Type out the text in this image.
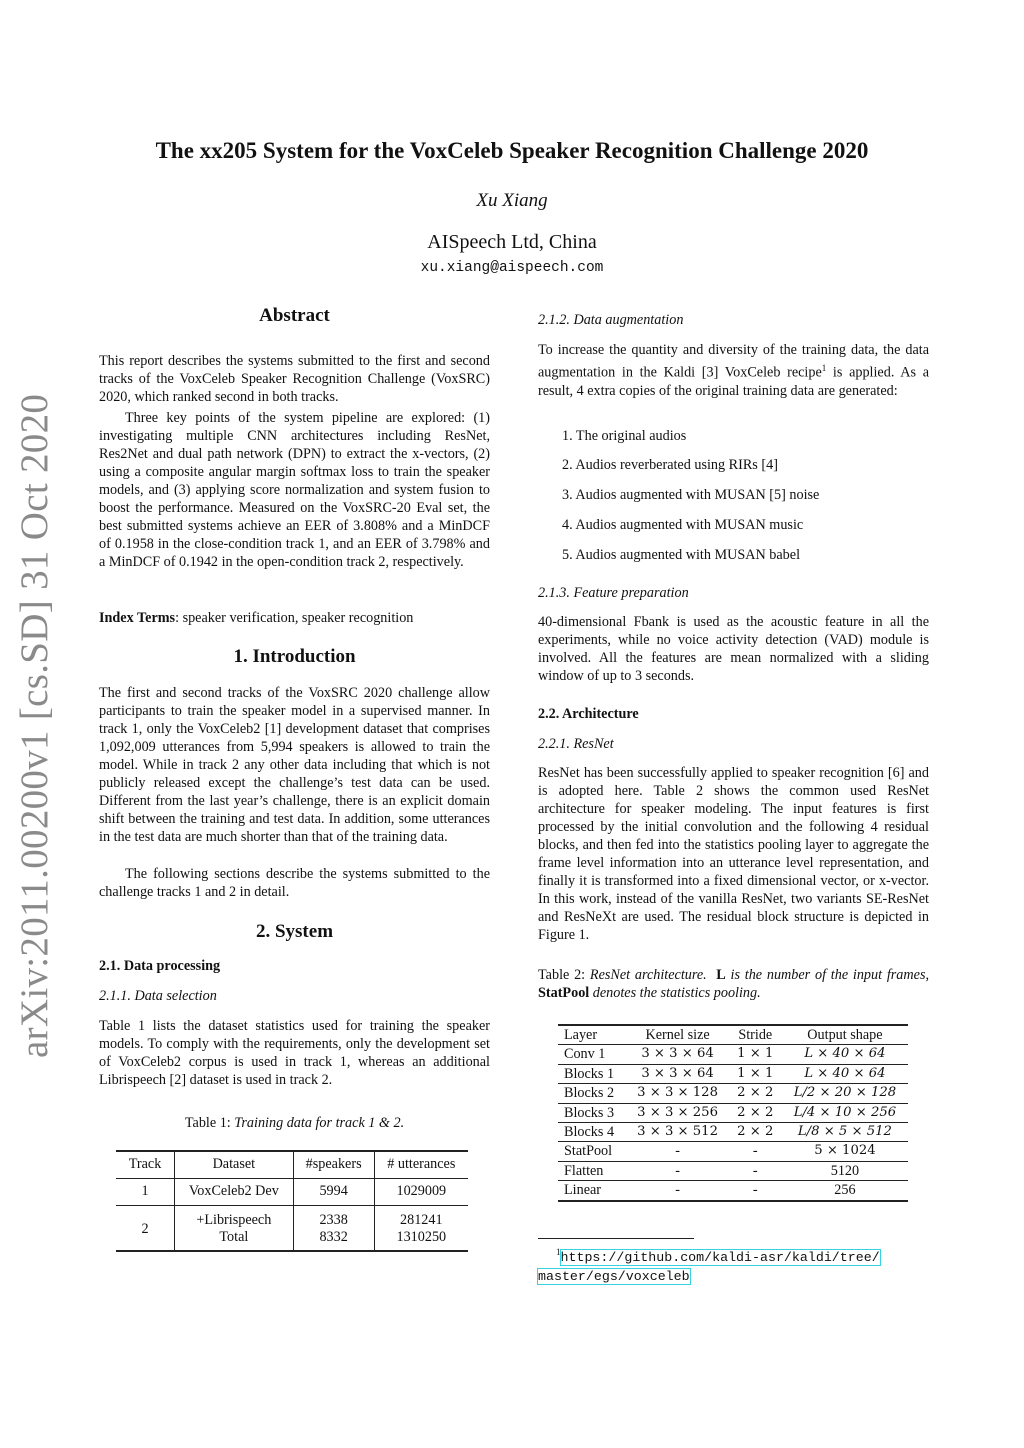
arXiv:2011.00200v1 [cs.SD] 31 Oct 2020
The xx205 System for the VoxCeleb Speaker Recognition Challenge 2020
Xu Xiang
AISpeech Ltd, China
xu.xiang@aispeech.com
Abstract
This report describes the systems submitted to the first and second tracks of the VoxCeleb Speaker Recognition Challenge (VoxSRC) 2020, which ranked second in both tracks.
Three key points of the system pipeline are explored: (1) investigating multiple CNN architectures including ResNet, Res2Net and dual path network (DPN) to extract the x-vectors, (2) using a composite angular margin softmax loss to train the speaker models, and (3) applying score normalization and system fusion to boost the performance. Measured on the VoxSRC-20 Eval set, the best submitted systems achieve an EER of 3.808% and a MinDCF of 0.1958 in the close-condition track 1, and an EER of 3.798% and a MinDCF of 0.1942 in the open-condition track 2, respectively.
Index Terms: speaker verification, speaker recognition
1. Introduction
The first and second tracks of the VoxSRC 2020 challenge allow participants to train the speaker model in a supervised manner. In track 1, only the VoxCeleb2 [1] development dataset that comprises 1,092,009 utterances from 5,994 speakers is allowed to train the model. While in track 2 any other data including that which is not publicly released except the challenge’s test data can be used. Different from the last year’s challenge, there is an explicit domain shift between the training and test data. In addition, some utterances in the test data are much shorter than that of the training data.
The following sections describe the systems submitted to the challenge tracks 1 and 2 in detail.
2. System
2.1. Data processing
2.1.1. Data selection
Table 1 lists the dataset statistics used for training the speaker models. To comply with the requirements, only the development set of VoxCeleb2 corpus is used in track 1, whereas an additional Librispeech [2] dataset is used in track 2.
Table 1: Training data for track 1 & 2.
Track	Dataset	#speakers	# utterances
1	VoxCeleb2 Dev	5994	1029009
2	+Librispeech	2338	281241
	Total	8332	1310250
2.1.2. Data augmentation
To increase the quantity and diversity of the training data, the data augmentation in the Kaldi [3] VoxCeleb recipe$^1$ is applied. As a result, 4 extra copies of the original training data are generated:
1. The original audios
2. Audios reverberated using RIRs [4]
3. Audios augmented with MUSAN [5] noise
4. Audios augmented with MUSAN music
5. Audios augmented with MUSAN babel
2.1.3. Feature preparation
40-dimensional Fbank is used as the acoustic feature in all the experiments, while no voice activity detection (VAD) module is involved. All the features are mean normalized with a sliding window of up to 3 seconds.
2.2. Architecture
2.2.1. ResNet
ResNet has been successfully applied to speaker recognition [6] and is adopted here. Table 2 shows the common used ResNet architecture for speaker modeling. The input features is first processed by the initial convolution and the following 4 residual blocks, and then fed into the statistics pooling layer to aggregate the frame level information into an utterance level representation, and finally it is transformed into a fixed dimensional vector, or x-vector. In this work, instead of the vanilla ResNet, two variants SE-ResNet and ResNeXt are used. The residual block structure is depicted in Figure 1.
Table 2: ResNet architecture. L is the number of the input frames, StatPool denotes the statistics pooling.
Layer	Kernel size	Stride	Output shape
Conv 1	3 × 3 × 64	1 × 1	L × 40 × 64
Blocks 1	3 × 3 × 64	1 × 1	L × 40 × 64
Blocks 2	3 × 3 × 128	2 × 2	L/2 × 20 × 128
Blocks 3	3 × 3 × 256	2 × 2	L/4 × 10 × 256
Blocks 4	3 × 3 × 512	2 × 2	L/8 × 5 × 512
StatPool	-	-	5 × 1024
Flatten	-	-	5120
Linear	-	-	256
$^1$https://github.com/kaldi-asr/kaldi/tree/
master/egs/voxceleb
